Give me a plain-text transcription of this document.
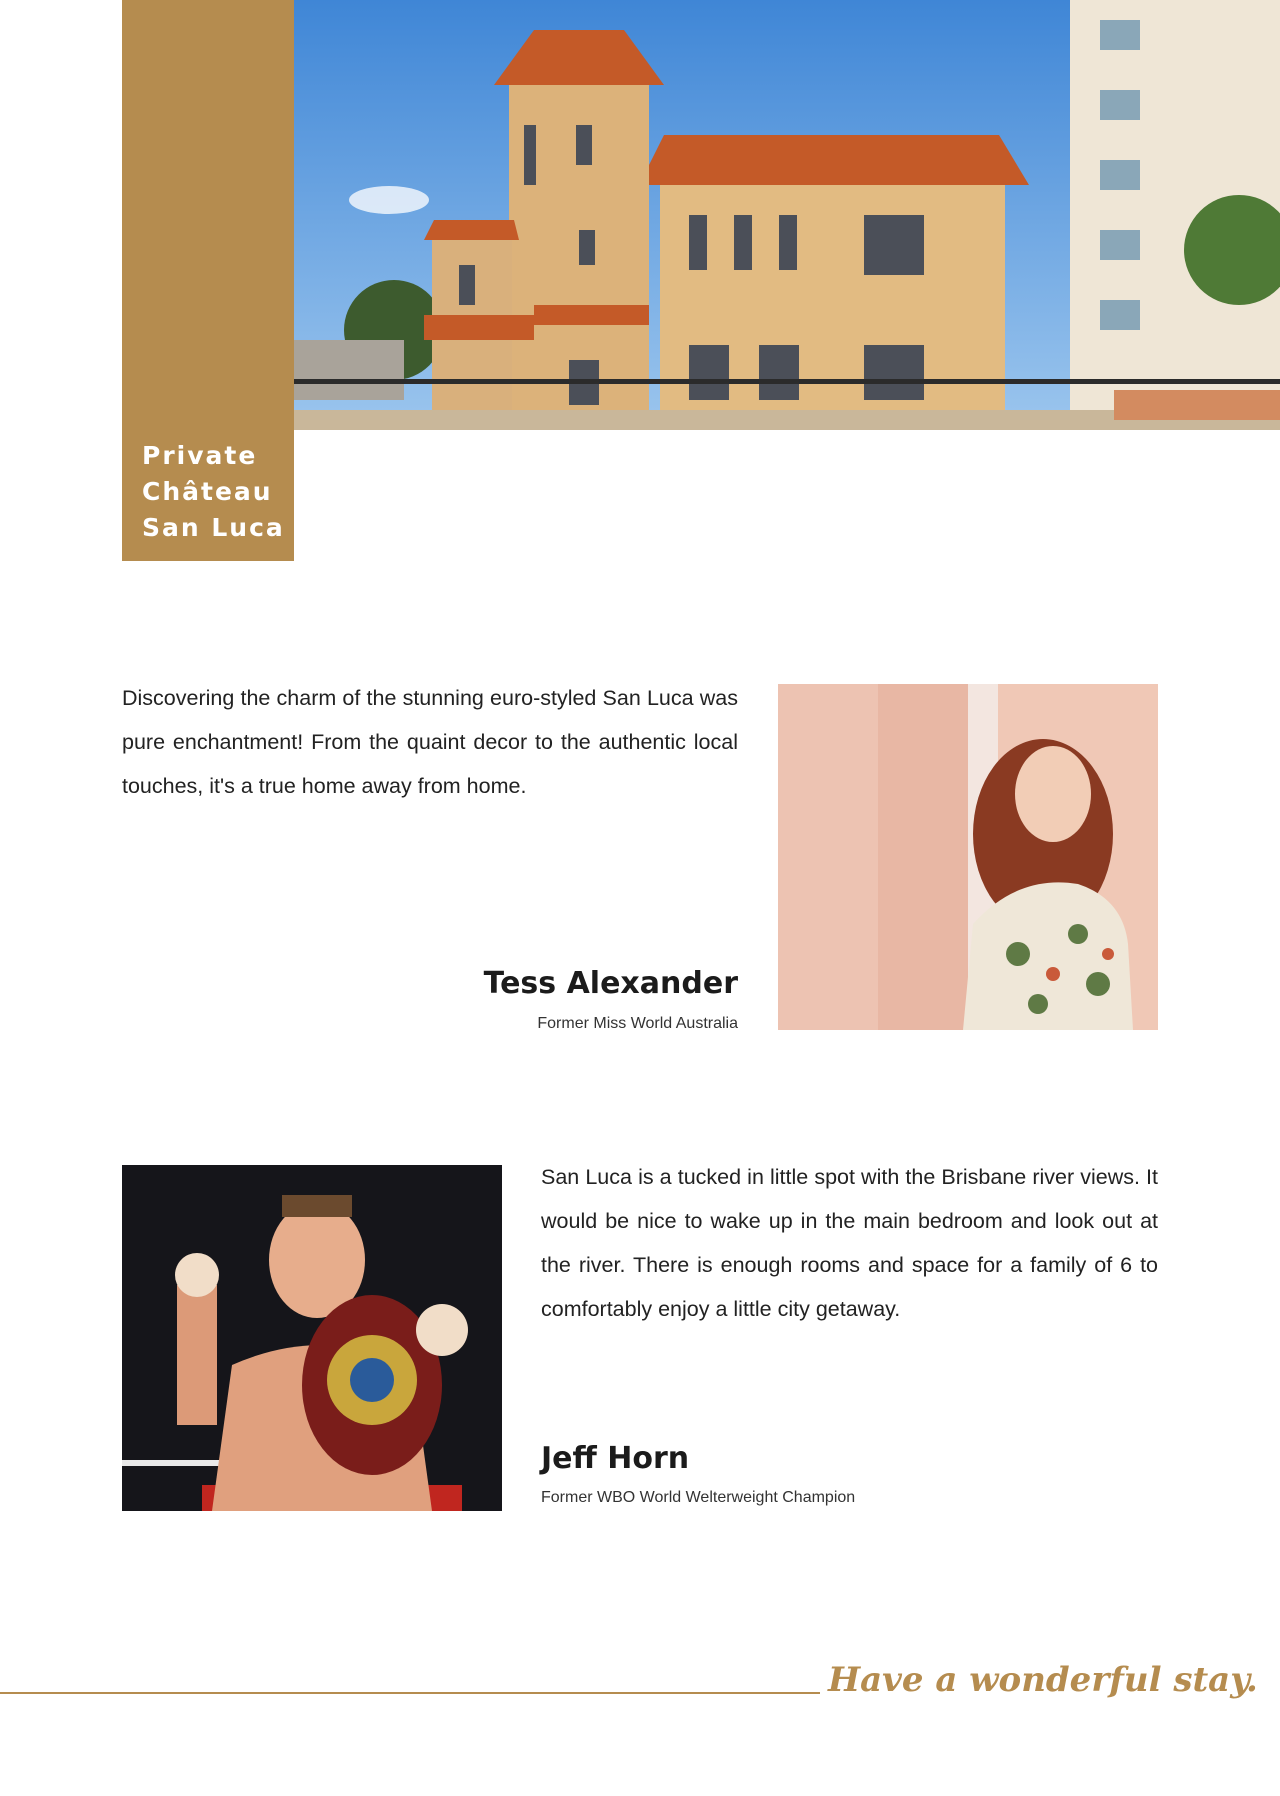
Private
Château
San Luca

Discovering the charm of the stunning euro-styled San Luca was pure enchantment! From the quaint decor to the authentic local touches, it's a true home away from home.

Tess Alexander

Former Miss World Australia

San Luca is a tucked in little spot with the Brisbane river views. It would be nice to wake up in the main bedroom and look out at the river. There is enough rooms and space for a family of 6 to comfortably enjoy a little city getaway.

Jeff Horn

Former WBO World Welterweight Champion

Have a wonderful stay.
